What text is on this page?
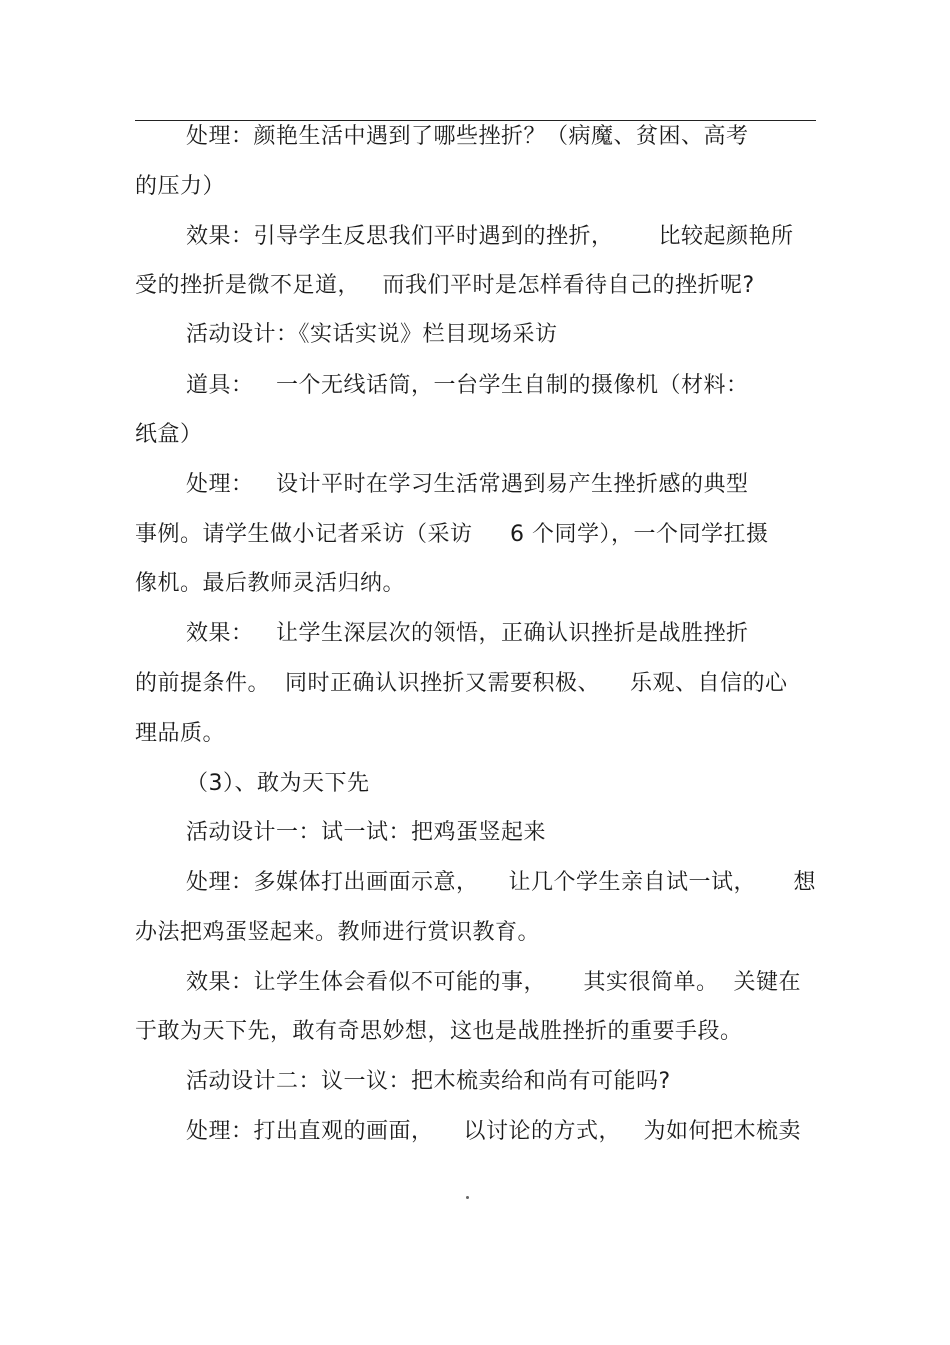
处理：颜艳生活中遇到了哪些挫折？（病魔、贫困、高考
的压力）
效果：引导学生反思我们平时遇到的挫折，      比较起颜艳所
受的挫折是微不足道，   而我们平时是怎样看待自己的挫折呢?
活动设计：《实话实说》栏目现场采访
道具：   一个无线话筒，一台学生自制的摄像机（材料：
纸盒）
处理：   设计平时在学习生活常遇到易产生挫折感的典型
事例。请学生做小记者采访（采访     6 个同学），一个同学扛摄
像机。最后教师灵活归纳。
效果：   让学生深层次的领悟，正确认识挫折是战胜挫折
的前提条件。  同时正确认识挫折又需要积极、    乐观、自信的心
理品质。
（3）、敢为天下先
活动设计一：试一试：把鸡蛋竖起来
处理：多媒体打出画面示意，    让几个学生亲自试一试，     想
办法把鸡蛋竖起来。教师进行赏识教育。
效果：让学生体会看似不可能的事，     其实很简单。  关键在
于敢为天下先，敢有奇思妙想，这也是战胜挫折的重要手段。
活动设计二：议一议：把木梳卖给和尚有可能吗?
处理：打出直观的画面，    以讨论的方式，   为如何把木梳卖
